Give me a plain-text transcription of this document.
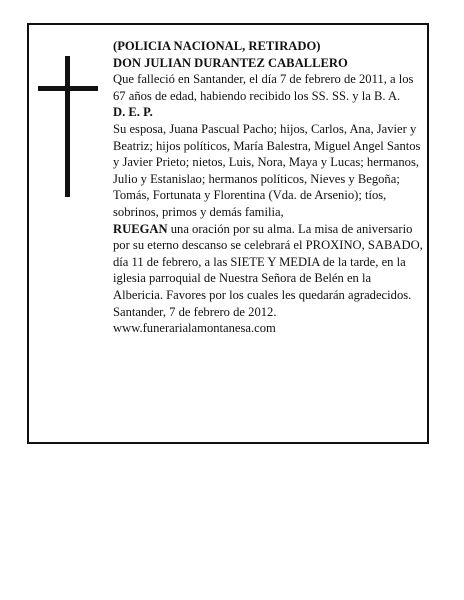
(POLICIA NACIONAL, RETIRADO)

DON JULIAN DURANTEZ CABALLERO

Que falleció en Santander, el día 7 de febrero de 2011, a los 67 años de edad, habiendo recibido los SS. SS. y la B. A.

D. E. P.

Su esposa, Juana Pascual Pacho; hijos, Carlos, Ana, Javier y Beatriz; hijos políticos, María Balestra, Miguel Angel Santos y Javier Prieto; nietos, Luis, Nora, Maya y Lucas; hermanos, Julio y Estanislao; hermanos políticos, Nieves y Begoña; Tomás, Fortunata y Florentina (Vda. de Arsenio); tíos, sobrinos, primos y demás familia,

RUEGAN una oración por su alma. La misa de aniversario por su eterno descanso se celebrará el PROXINO, SABADO, día 11 de febrero, a las SIETE Y MEDIA de la tarde, en la iglesia parroquial de Nuestra Señora de Belén en la Albericia. Favores por los cuales les quedarán agradecidos.

Santander, 7 de febrero de 2012.

www.funerarialamontanesa.com
